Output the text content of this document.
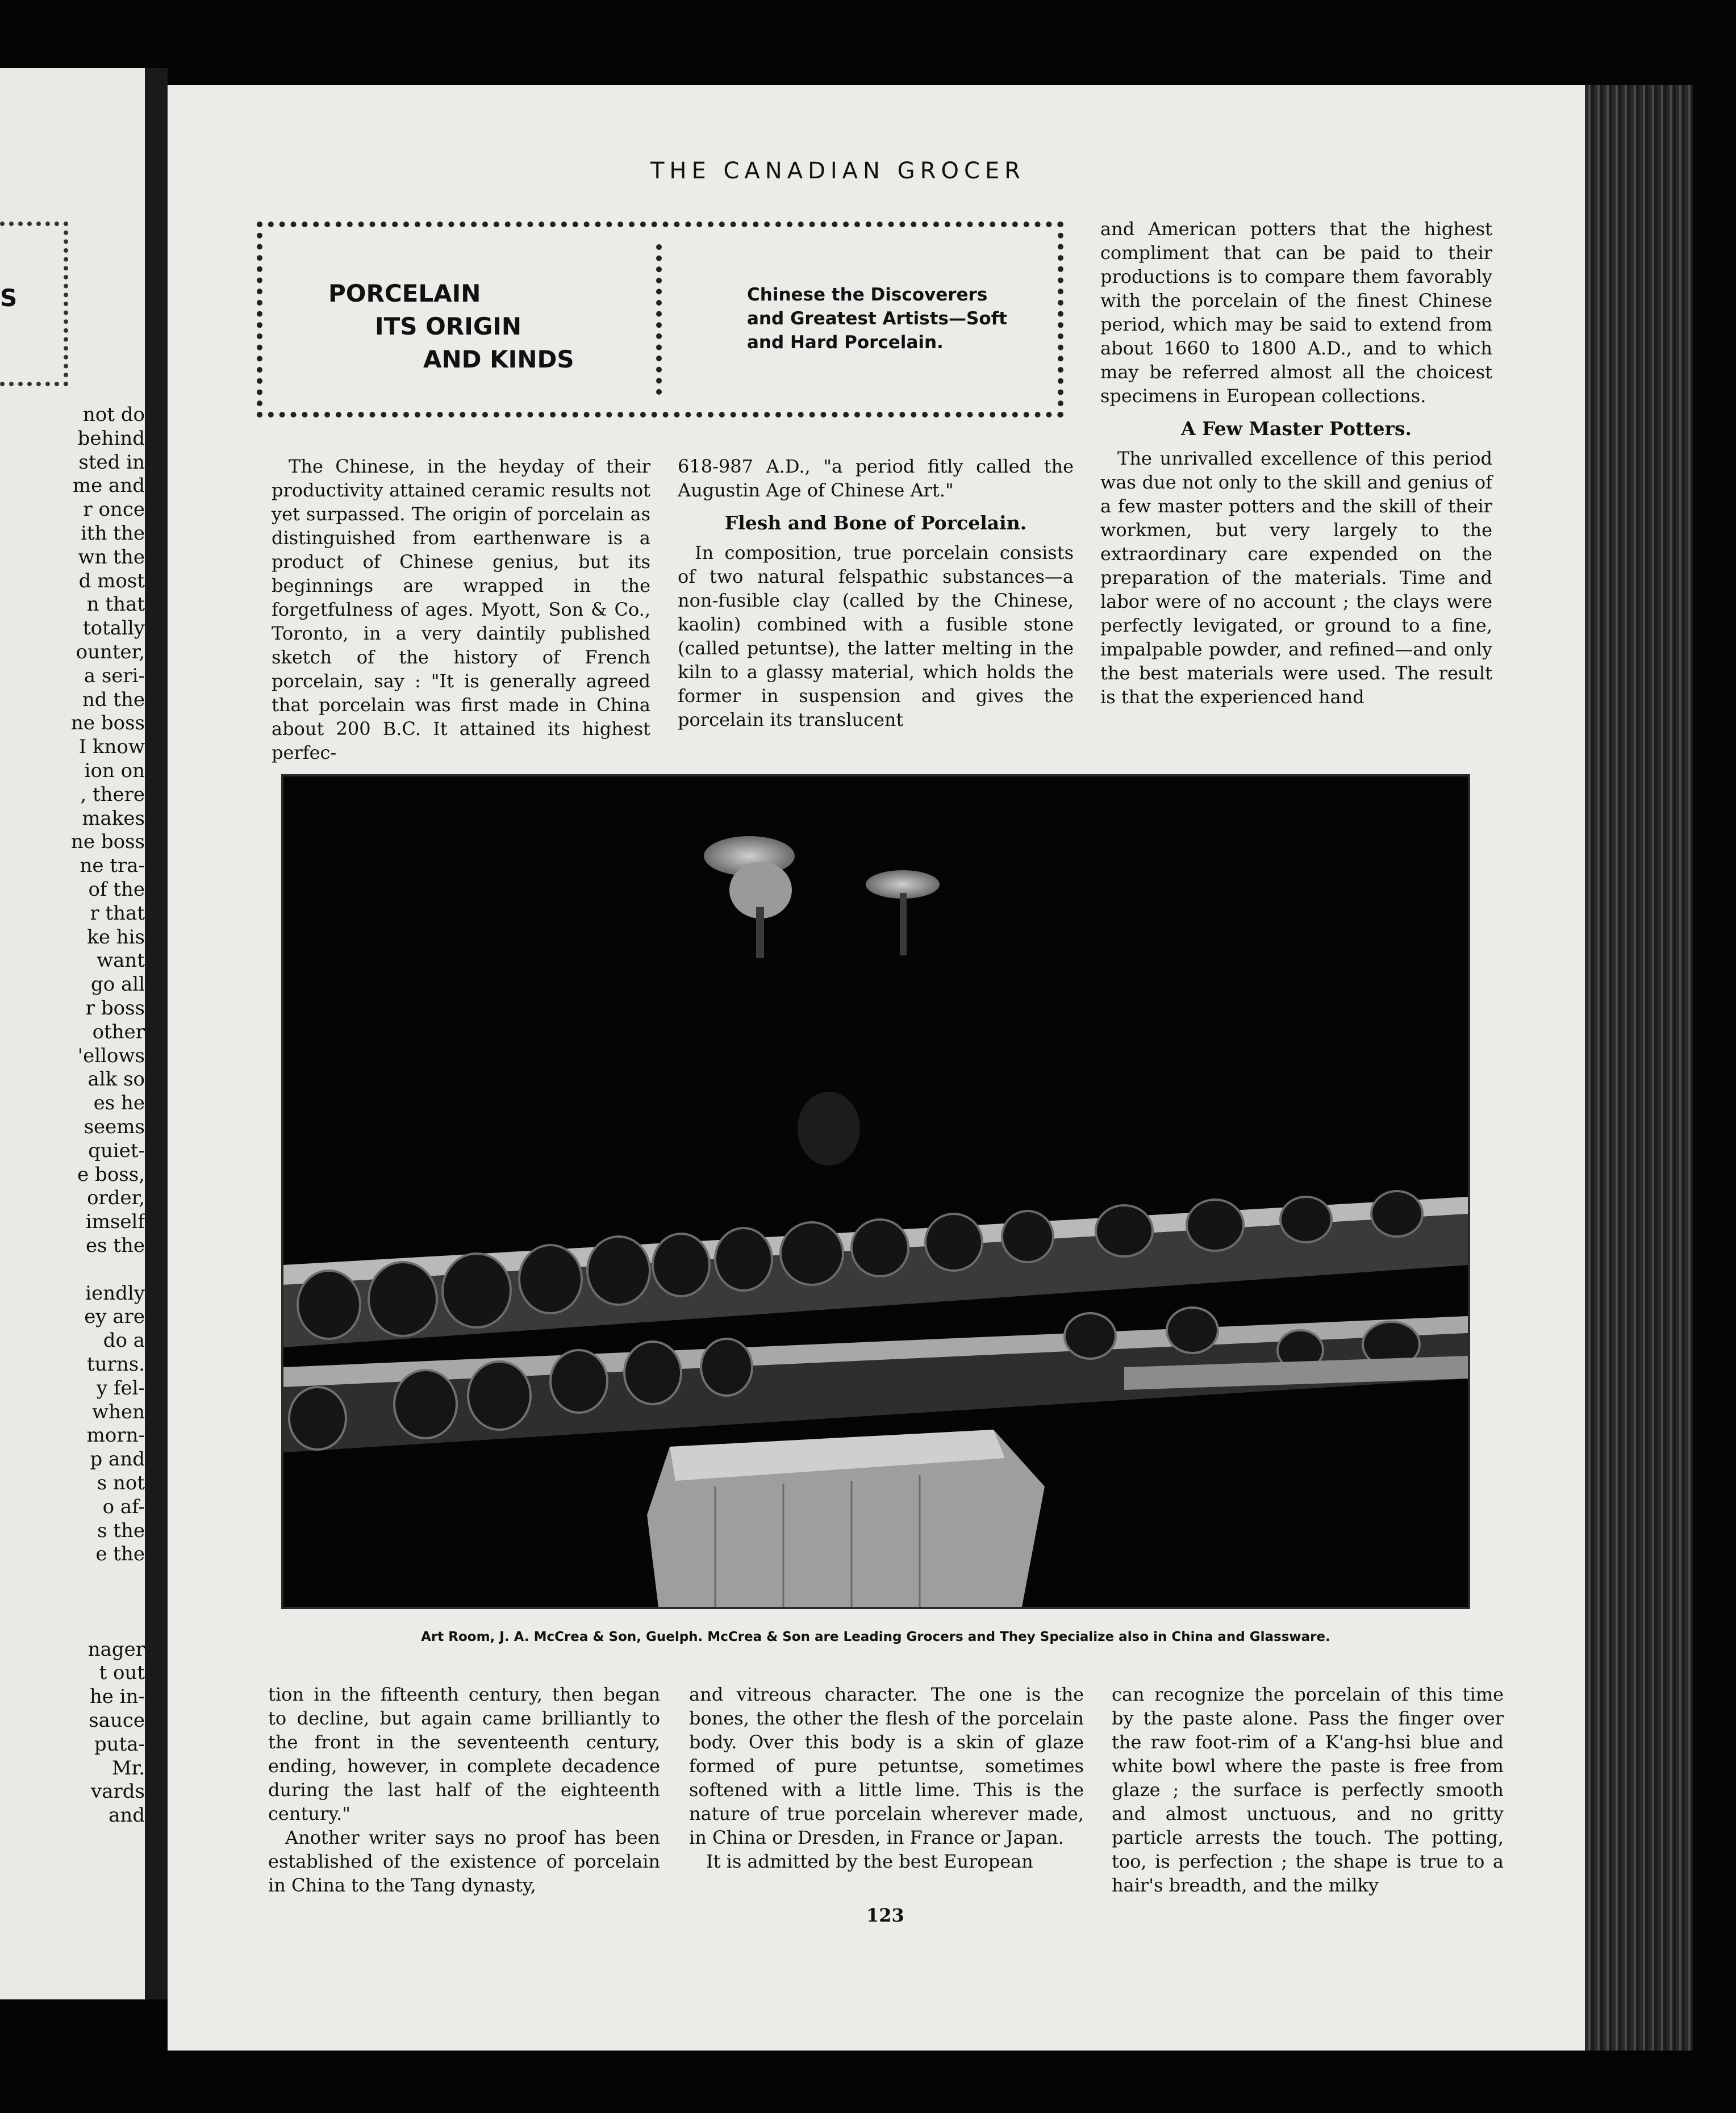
S
not do
behind
sted in
me and
r once
ith the
wn the
d most
n that
totally
ounter,
a seri-
nd the
ne boss
I know
ion on
, there
makes
ne boss
ne tra-
of the
r that
ke his
want
go all
r boss
other
'ellows
alk so
es he
seems
quiet-
e boss,
order,
imself
es the
iendly
ey are
do a
turns.
y fel-
when
morn-
p and
s not
o af-
s the
e the
nager
t out
he in-
sauce
puta-
Mr.
vards
and
THE CANADIAN GROCER
PORCELAIN
ITS ORIGIN
AND KINDS
Chinese the Discoverers
and Greatest Artists—Soft
and Hard Porcelain.

The Chinese, in the heyday of their productivity attained ceramic results not yet surpassed. The origin of porcelain as distinguished from earthenware is a product of Chinese genius, but its beginnings are wrapped in the forgetfulness of ages. Myott, Son & Co., Toronto, in a very daintily published sketch of the history of French porcelain, say : "It is generally agreed that porcelain was first made in China about 200 B.C. It attained its highest perfec-

618-987 A.D., "a period fitly called the Augustin Age of Chinese Art."

Flesh and Bone of Porcelain.

In composition, true porcelain consists of two natural felspathic substances—a non-fusible clay (called by the Chinese, kaolin) combined with a fusible stone (called petuntse), the latter melting in the kiln to a glassy material, which holds the former in suspension and gives the porcelain its translucent

and American potters that the highest compliment that can be paid to their productions is to compare them favorably with the porcelain of the finest Chinese period, which may be said to extend from about 1660 to 1800 A.D., and to which may be referred almost all the choicest specimens in European collections.

A Few Master Potters.

The unrivalled excellence of this period was due not only to the skill and genius of a few master potters and the skill of their workmen, but very largely to the extraordinary care expended on the preparation of the materials. Time and labor were of no account ; the clays were perfectly levigated, or ground to a fine, impalpable powder, and refined—and only the best materials were used. The result is that the experienced hand

Art Room, J. A. McCrea & Son, Guelph. McCrea & Son are Leading Grocers and They Specialize also in China and Glassware.

tion in the fifteenth century, then began to decline, but again came brilliantly to the front in the seventeenth century, ending, however, in complete decadence during the last half of the eighteenth century."

Another writer says no proof has been established of the existence of porcelain in China to the Tang dynasty,

and vitreous character. The one is the bones, the other the flesh of the porcelain body. Over this body is a skin of glaze formed of pure petuntse, sometimes softened with a little lime. This is the nature of true porcelain wherever made, in China or Dresden, in France or Japan.

It is admitted by the best European

can recognize the porcelain of this time by the paste alone. Pass the finger over the raw foot-rim of a K'ang-hsi blue and white bowl where the paste is free from glaze ; the surface is perfectly smooth and almost unctuous, and no gritty particle arrests the touch. The potting, too, is perfection ; the shape is true to a hair's breadth, and the milky

123
